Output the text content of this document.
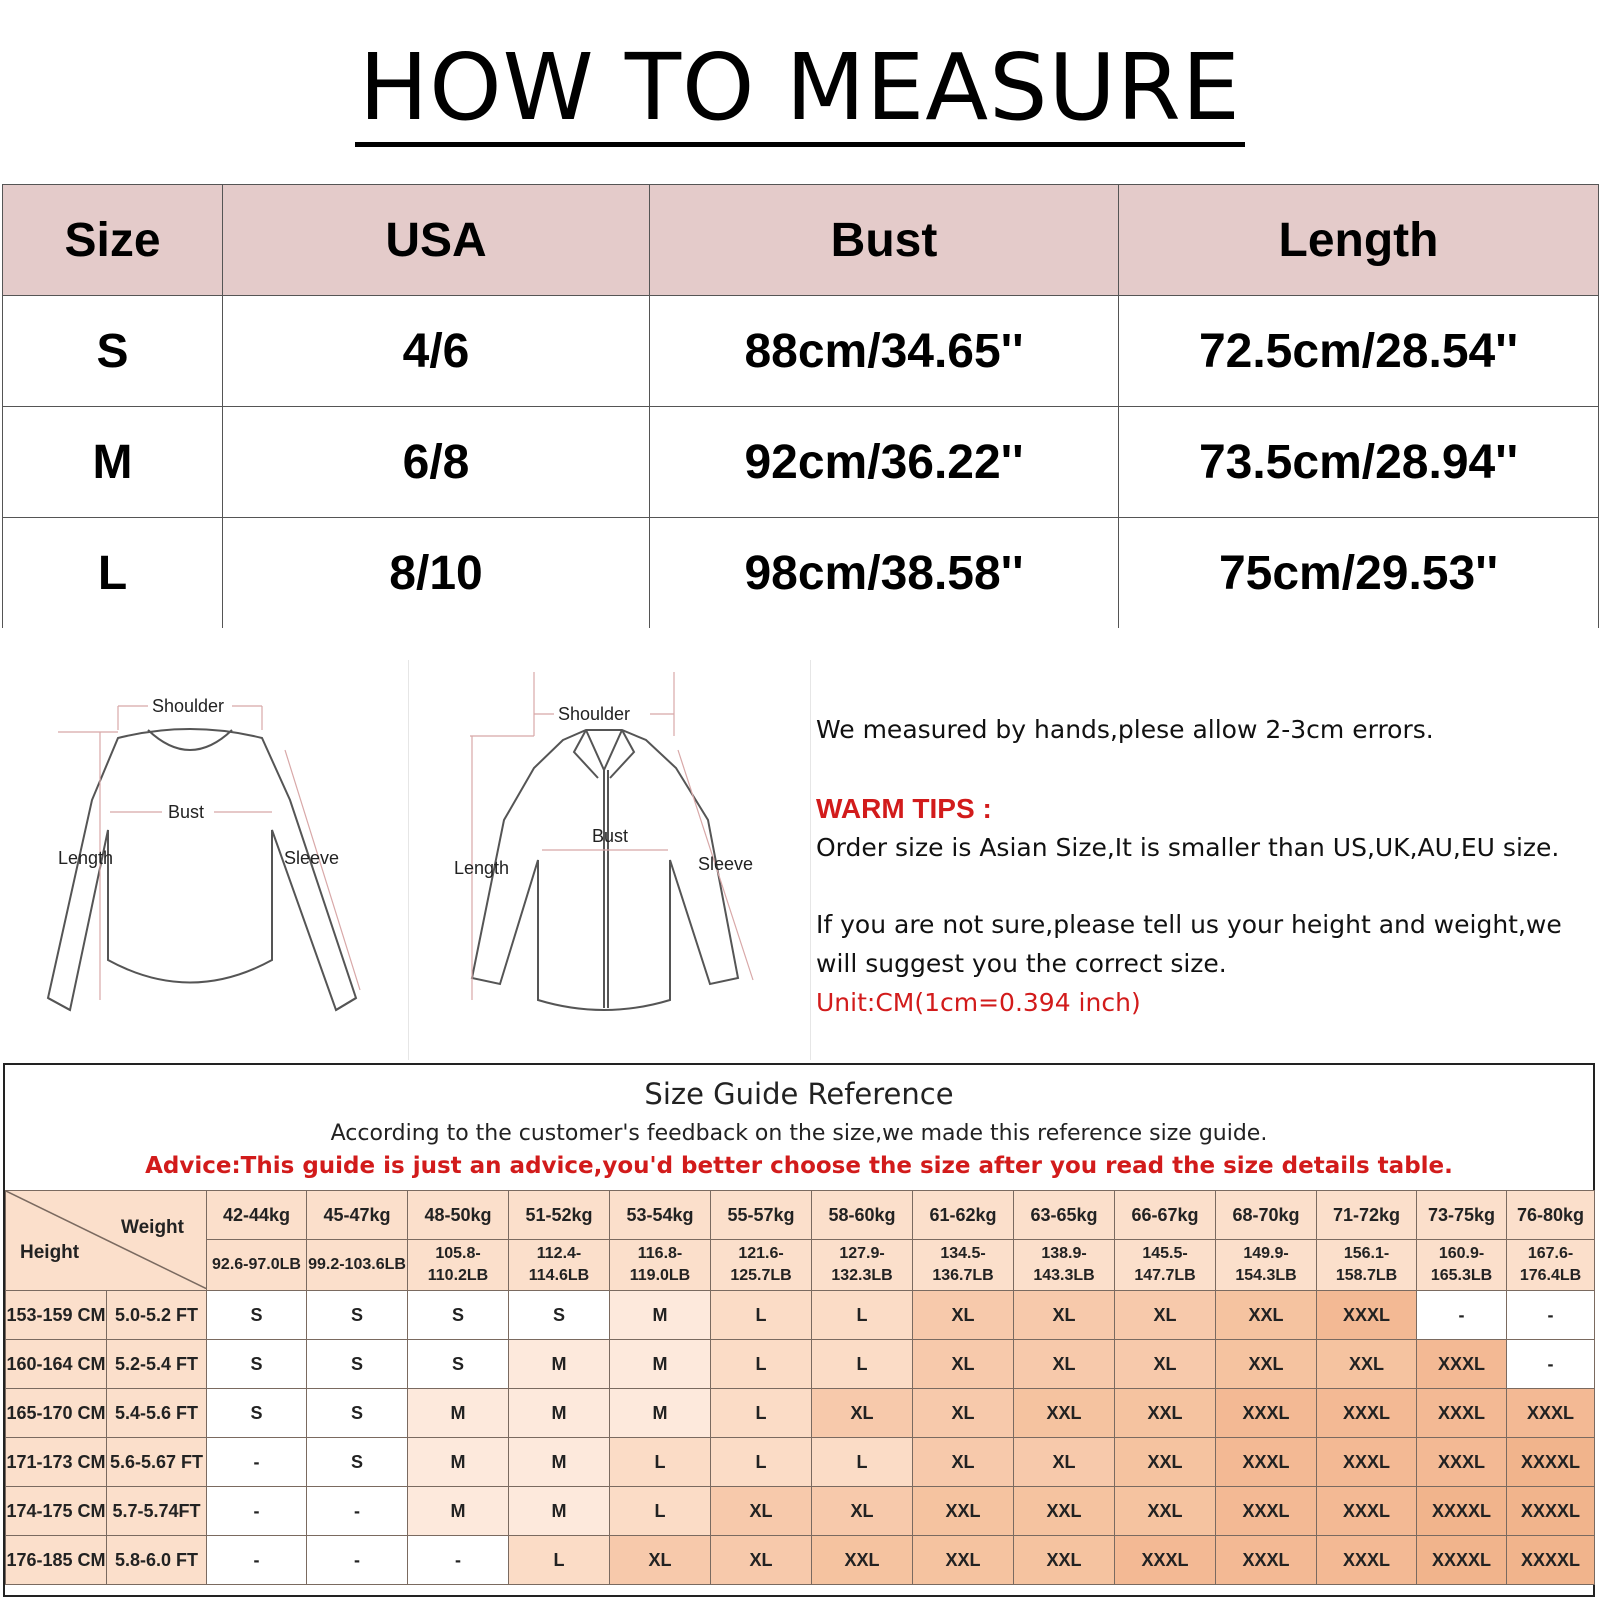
HOW TO MEASURE
Size	USA	Bust	Length
S	4/6	88cm/34.65''	72.5cm/28.54''
M	6/8	92cm/36.22''	73.5cm/28.94''
L	8/10	98cm/38.58''	75cm/29.53''
Shoulder
Bust
Length	Sleeve
Shoulder
Bust
Length	Sleeve

We measured by hands,plese allow 2-3cm errors.

WARM TIPS :

Order size is Asian Size,It is smaller than US,UK,AU,EU size.

If you are not sure,please tell us your height and weight,we will suggest you the correct size.

Unit:CM(1cm=0.394 inch)

Size Guide Reference
According to the customer's feedback on the size,we made this reference size guide.
Advice:This guide is just an advice,you'd better choose the size after you read the size details table.
Weight
Height		42-44kg	45-47kg	48-50kg	51-52kg	53-54kg	55-57kg	58-60kg	61-62kg	63-65kg	66-67kg	68-70kg	71-72kg	73-75kg	76-80kg
		92.6-97.0LB	99.2-103.6LB	105.8-110.2LB	112.4-114.6LB	116.8-119.0LB	121.6-125.7LB	127.9-132.3LB	134.5-136.7LB	138.9-143.3LB	145.5-147.7LB	149.9-154.3LB	156.1-158.7LB	160.9-165.3LB	167.6-176.4LB
153-159 CM	5.0-5.2 FT	S	S	S	S	M	L	L	XL	XL	XL	XXL	XXXL	-	-
160-164 CM	5.2-5.4 FT	S	S	S	M	M	L	L	XL	XL	XL	XXL	XXL	XXXL	-
165-170 CM	5.4-5.6 FT	S	S	M	M	M	L	XL	XL	XXL	XXL	XXXL	XXXL	XXXL	XXXL
171-173 CM	5.6-5.67 FT	-	S	M	M	L	L	L	XL	XL	XXL	XXXL	XXXL	XXXL	XXXXL
174-175 CM	5.7-5.74FT	-	-	M	M	L	XL	XL	XXL	XXL	XXL	XXXL	XXXL	XXXXL	XXXXL
176-185 CM	5.8-6.0 FT	-	-	-	L	XL	XL	XXL	XXL	XXL	XXXL	XXXL	XXXL	XXXXL	XXXXL
